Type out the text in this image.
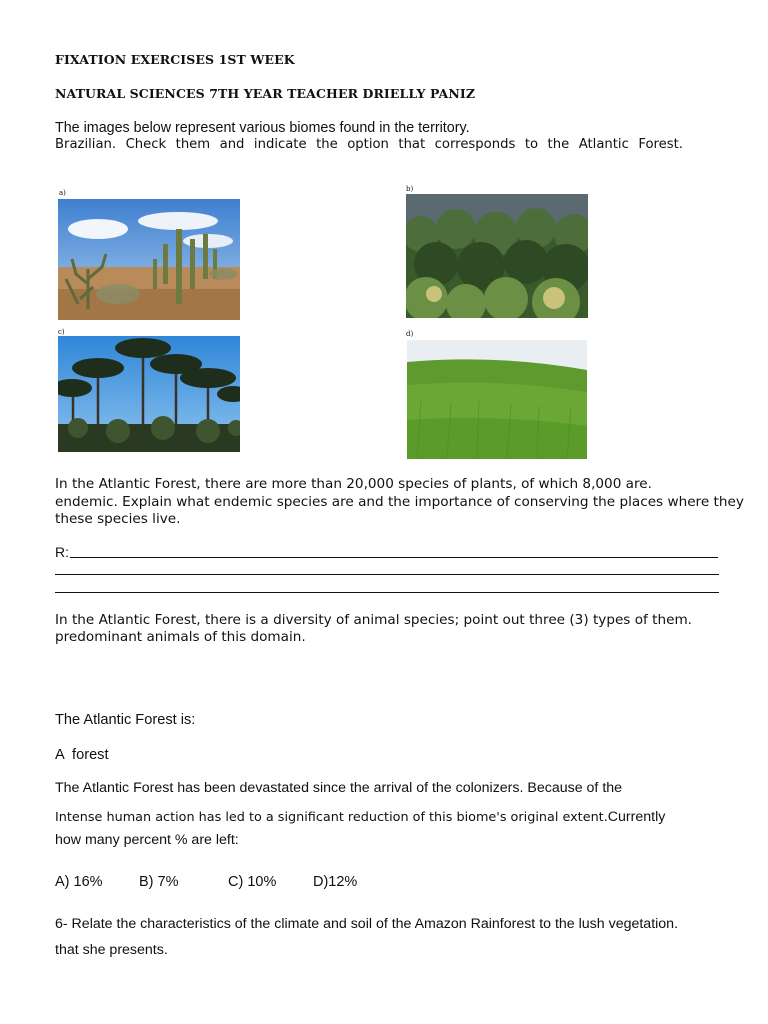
FIXATION EXERCISES 1ST WEEK
NATURAL SCIENCES 7TH YEAR TEACHER DRIELLY PANIZ
The images below represent various biomes found in the territory.
Brazilian. Check them and indicate the option that corresponds to the Atlantic Forest.
a)	b)
c)	d)
In the Atlantic Forest, there are more than 20,000 species of plants, of which 8,000 are.
endemic. Explain what endemic species are and the importance of conserving the places where they
these species live.
R:
In the Atlantic Forest, there is a diversity of animal species; point out three (3) types of them.
predominant animals of this domain.
The Atlantic Forest is:
A  forest
The Atlantic Forest has been devastated since the arrival of the colonizers. Because of the
Intense human action has led to a significant reduction of this biome's original extent.Currently
how many percent % are left:
A) 16%	B) 7%	C) 10%	D)12%
6- Relate the characteristics of the climate and soil of the Amazon Rainforest to the lush vegetation.
that she presents.
